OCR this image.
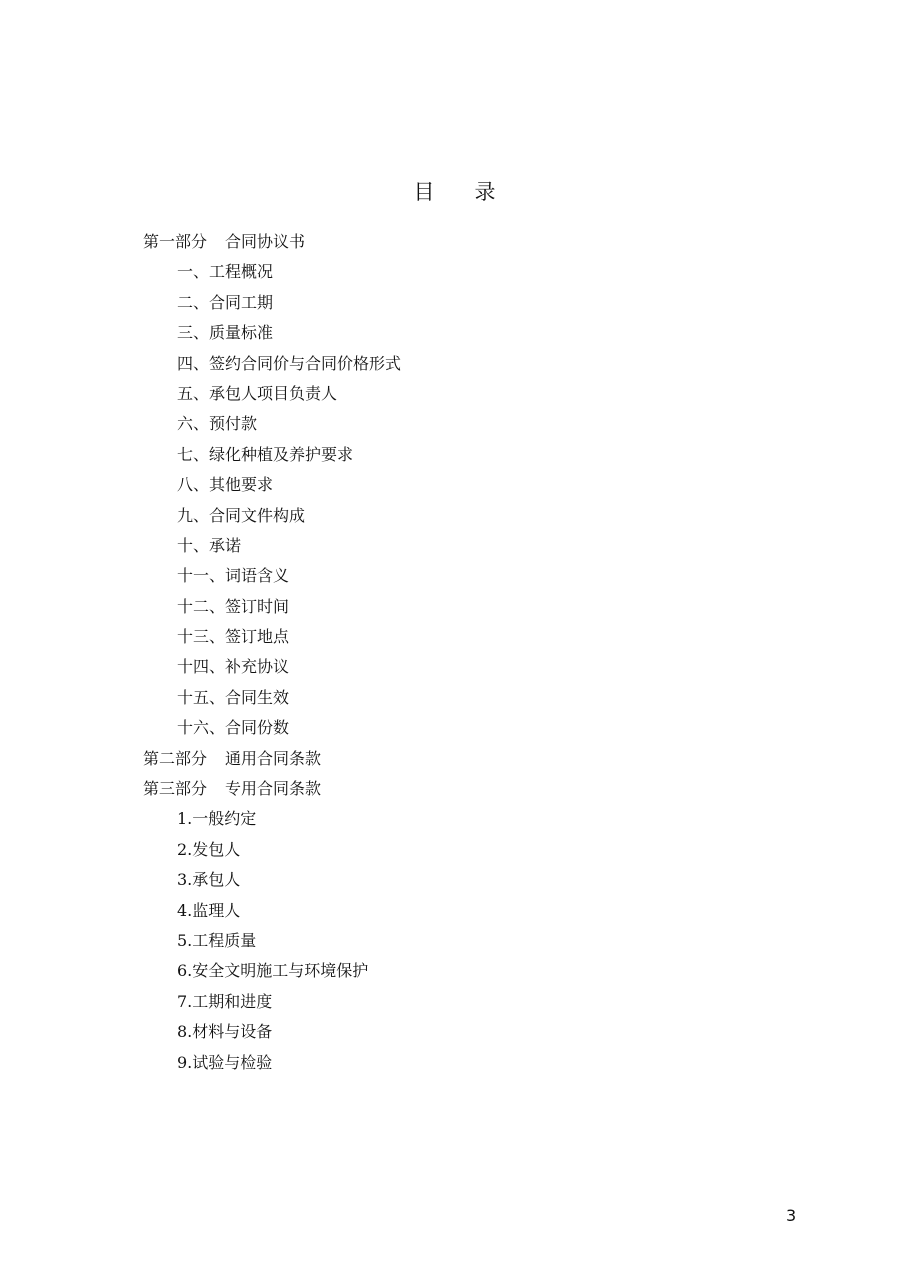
目 录
第一部分 合同协议书
一、工程概况
二、合同工期
三、质量标准
四、签约合同价与合同价格形式
五、承包人项目负责人
六、预付款
七、绿化种植及养护要求
八、其他要求
九、合同文件构成
十、承诺
十一、词语含义
十二、签订时间
十三、签订地点
十四、补充协议
十五、合同生效
十六、合同份数
第二部分 通用合同条款
第三部分 专用合同条款
1.一般约定
2.发包人
3.承包人
4.监理人
5.工程质量
6.安全文明施工与环境保护
7.工期和进度
8.材料与设备
9.试验与检验
3
